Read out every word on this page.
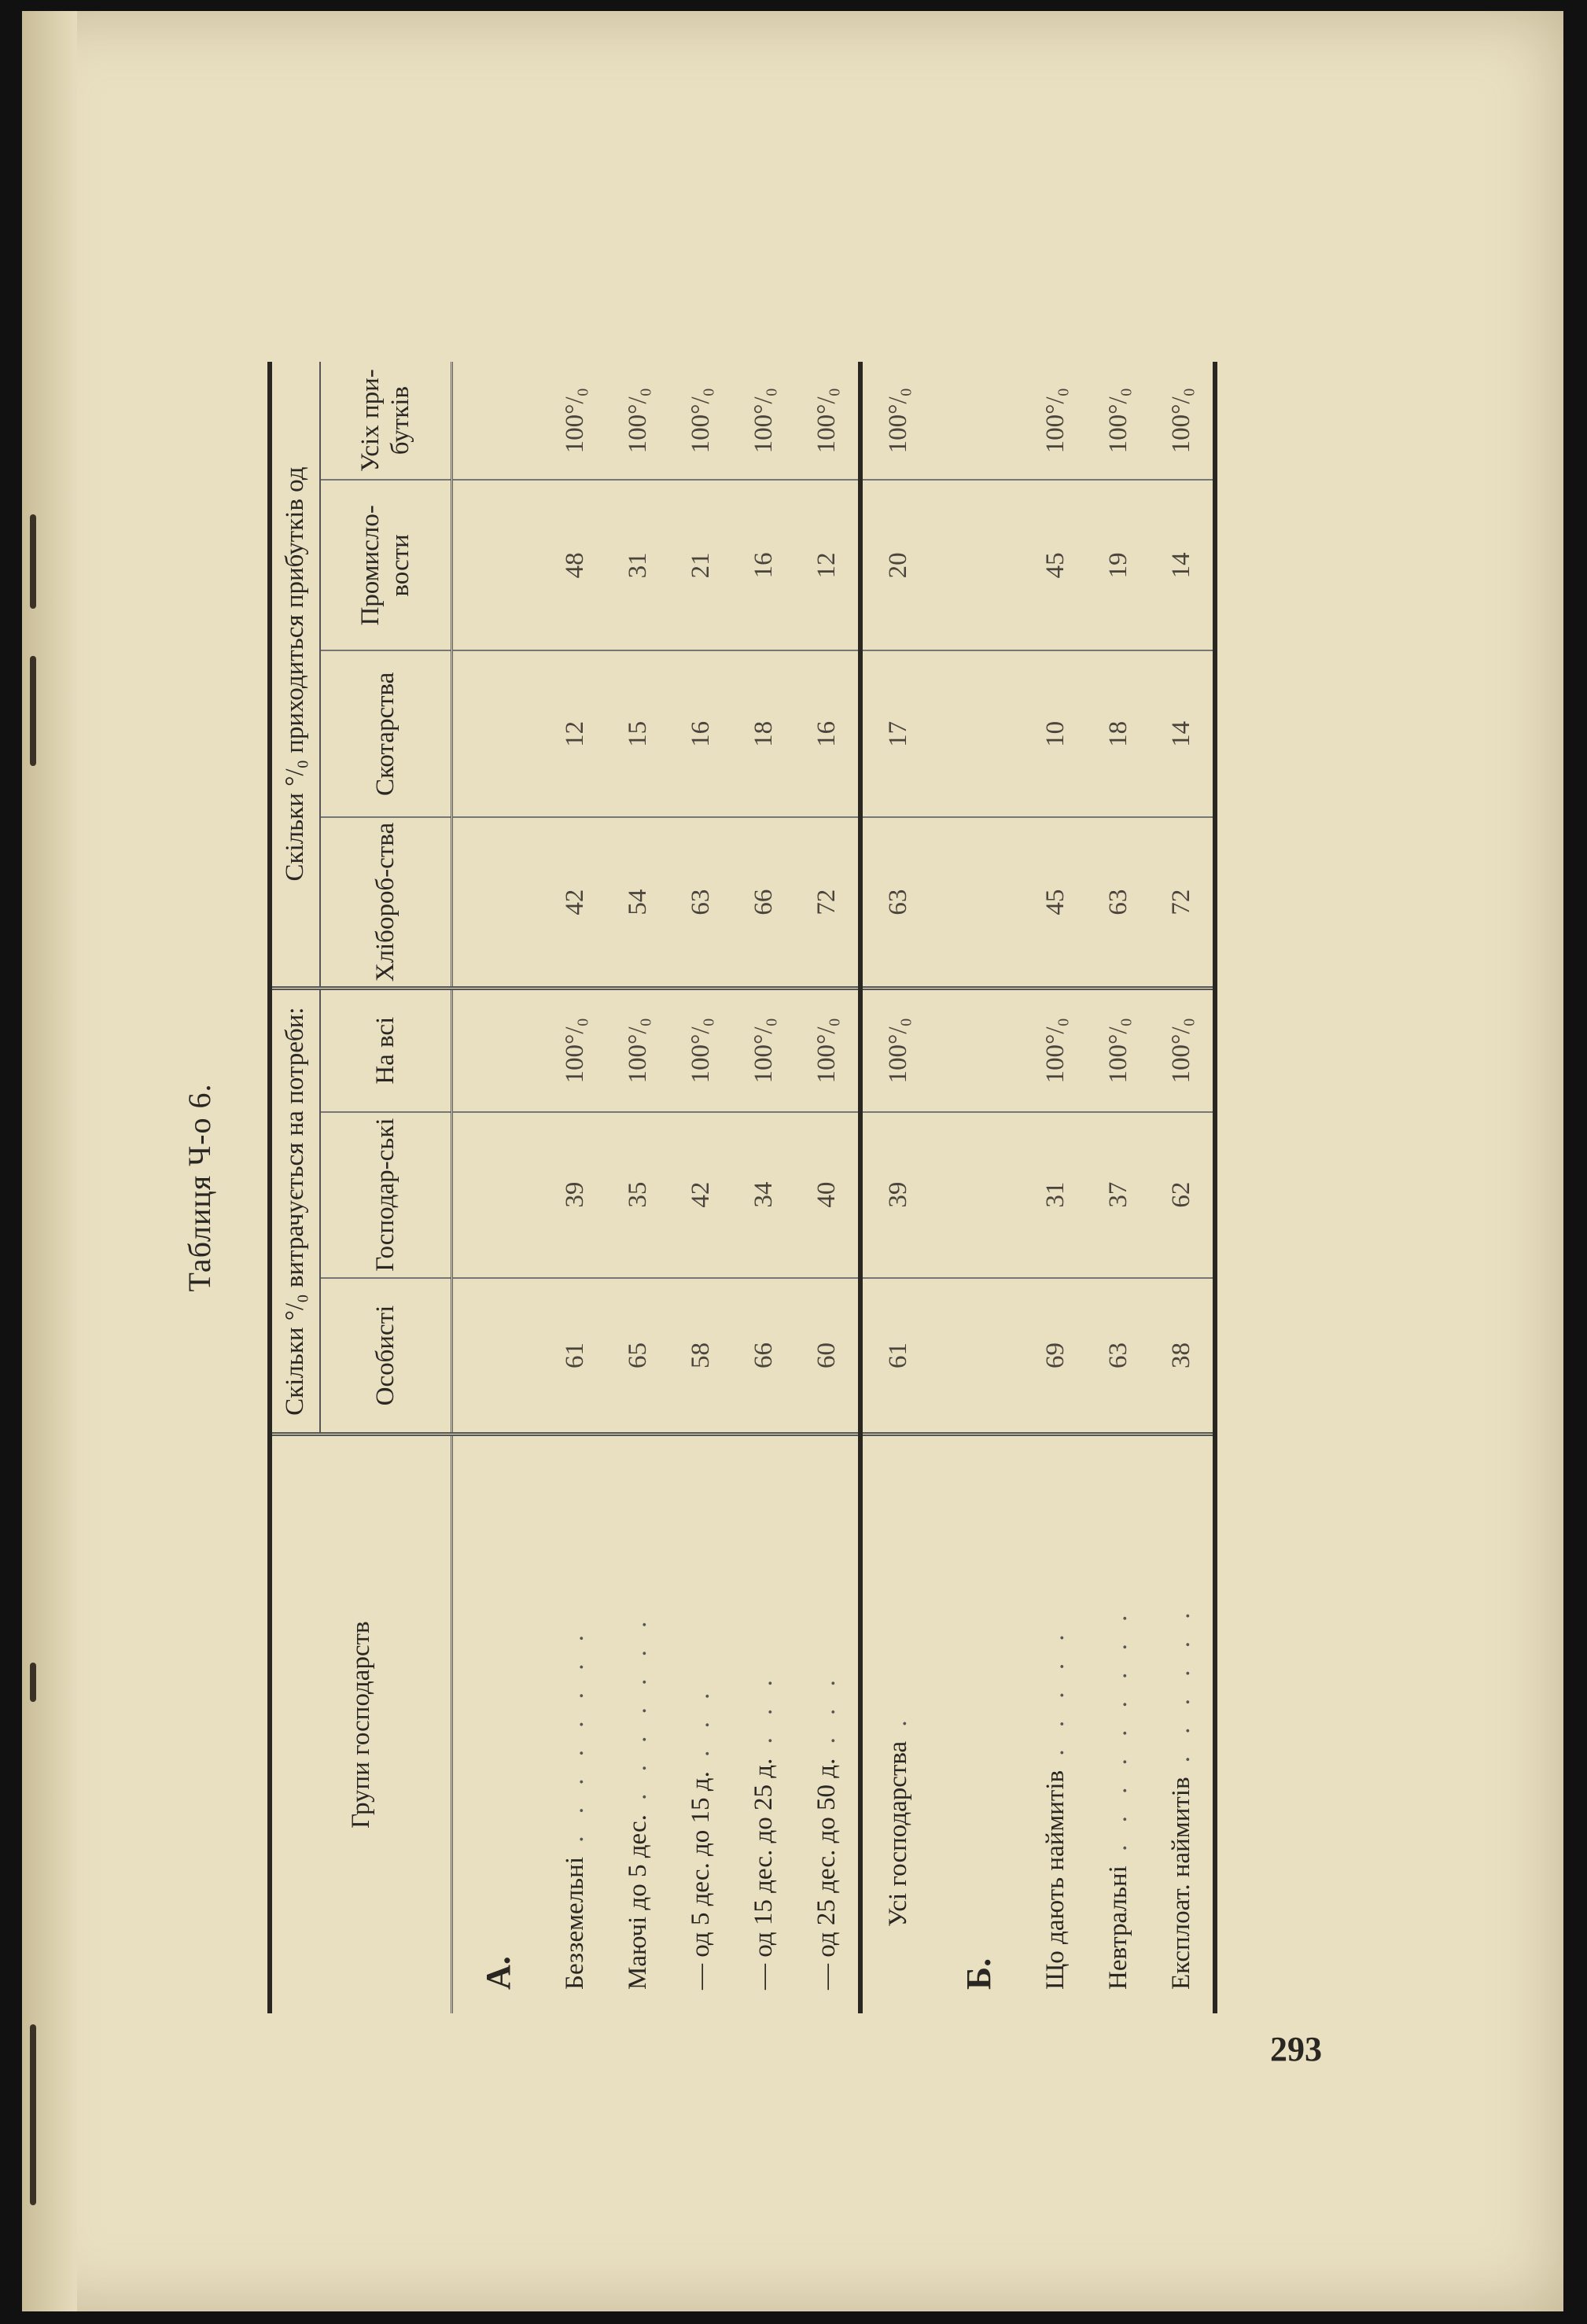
293
Таблиця Ч-о 6.
Групи господарств	Скільки °/₀ витрачується на потреби:			Скільки °/₀ приходиться прибутків од			
	Особисті	Господар-ські	На всі	Хлібороб-ства	Скотарства	Промисло-вости	Усіх при-бутків
А.							
Безземельні . . . . . . . .	61	39	100°/₀	42	12	48	100°/₀
Маючі до 5 дес. . . . . . . .	65	35	100°/₀	54	15	31	100°/₀
— од 5 дес. до 15 д. . . .	58	42	100°/₀	63	16	21	100°/₀
— од 15 дес. до 25 д. . . .	66	34	100°/₀	66	18	16	100°/₀
— од 25 дес. до 50 д. . . .	60	40	100°/₀	72	16	12	100°/₀
Усі господарства .	61	39	100°/₀	63	17	20	100°/₀
Б.							
Що дають наймитів . . . . .	69	31	100°/₀	45	10	45	100°/₀
Невтральні . . . . . . . . .	63	37	100°/₀	63	18	19	100°/₀
Експлоат. наймитів . . . . . .	38	62	100°/₀	72	14	14	100°/₀
